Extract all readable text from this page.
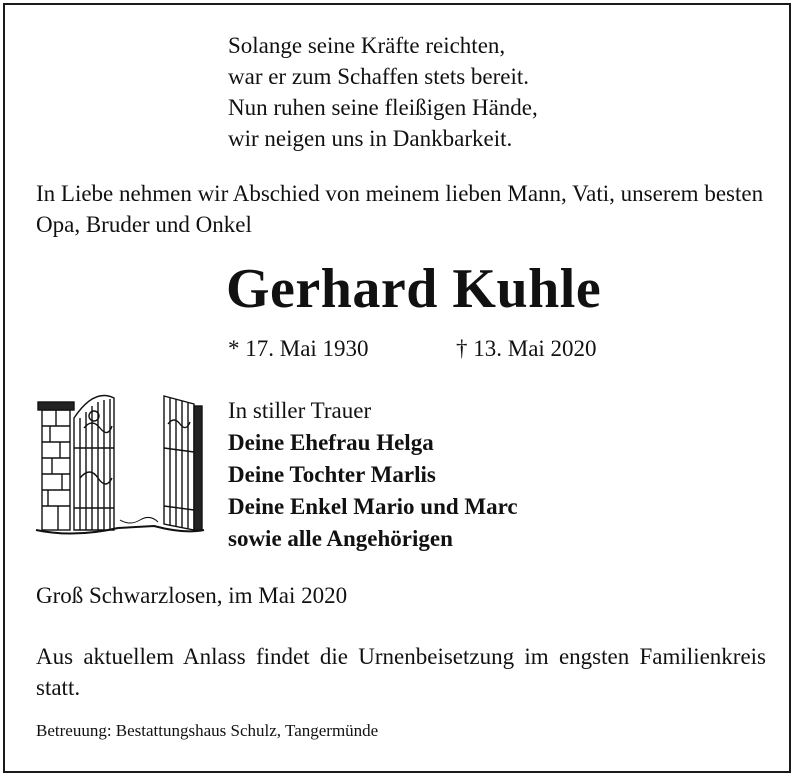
Solange seine Kräfte reichten,
war er zum Schaffen stets bereit.
Nun ruhen seine fleißigen Hände,
wir neigen uns in Dankbarkeit.
In Liebe nehmen wir Abschied von meinem lieben Mann, Vati, unserem besten Opa, Bruder und Onkel
Gerhard Kuhle
* 17. Mai 1930	† 13. Mai 2020
In stiller Trauer
Deine Ehefrau Helga
Deine Tochter Marlis
Deine Enkel Mario und Marc
sowie alle Angehörigen
Groß Schwarzlosen, im Mai 2020
Aus aktuellem Anlass findet die Urnenbeisetzung im engsten Familienkreis statt.
Betreuung: Bestattungshaus Schulz, Tangermünde
